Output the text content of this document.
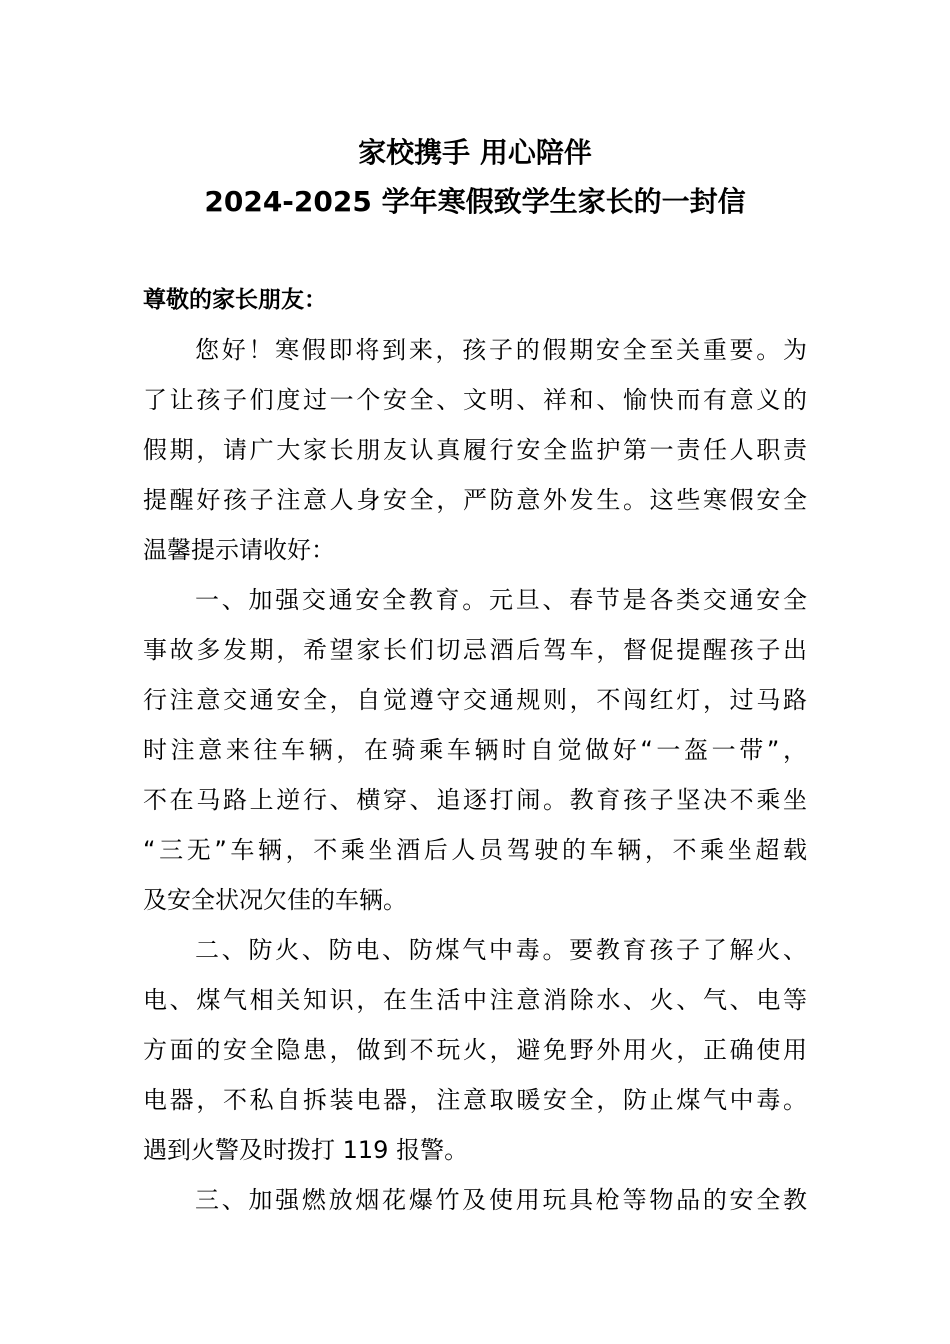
家校携手 用心陪伴
2024-2025 学年寒假致学生家长的一封信
尊敬的家长朋友：
您好！寒假即将到来，孩子的假期安全至关重要。为
了让孩子们度过一个安全、文明、祥和、愉快而有意义的
假期，请广大家长朋友认真履行安全监护第一责任人职责
提醒好孩子注意人身安全，严防意外发生。这些寒假安全
温馨提示请收好：
一、加强交通安全教育。元旦、春节是各类交通安全
事故多发期，希望家长们切忌酒后驾车，督促提醒孩子出
行注意交通安全，自觉遵守交通规则，不闯红灯，过马路
时注意来往车辆，在骑乘车辆时自觉做好“一盔一带”，
不在马路上逆行、横穿、追逐打闹。教育孩子坚决不乘坐
“三无”车辆，不乘坐酒后人员驾驶的车辆，不乘坐超载
及安全状况欠佳的车辆。
二、防火、防电、防煤气中毒。要教育孩子了解火、
电、煤气相关知识，在生活中注意消除水、火、气、电等
方面的安全隐患，做到不玩火，避免野外用火，正确使用
电器，不私自拆装电器，注意取暖安全，防止煤气中毒。
遇到火警及时拨打 119 报警。
三、加强燃放烟花爆竹及使用玩具枪等物品的安全教
